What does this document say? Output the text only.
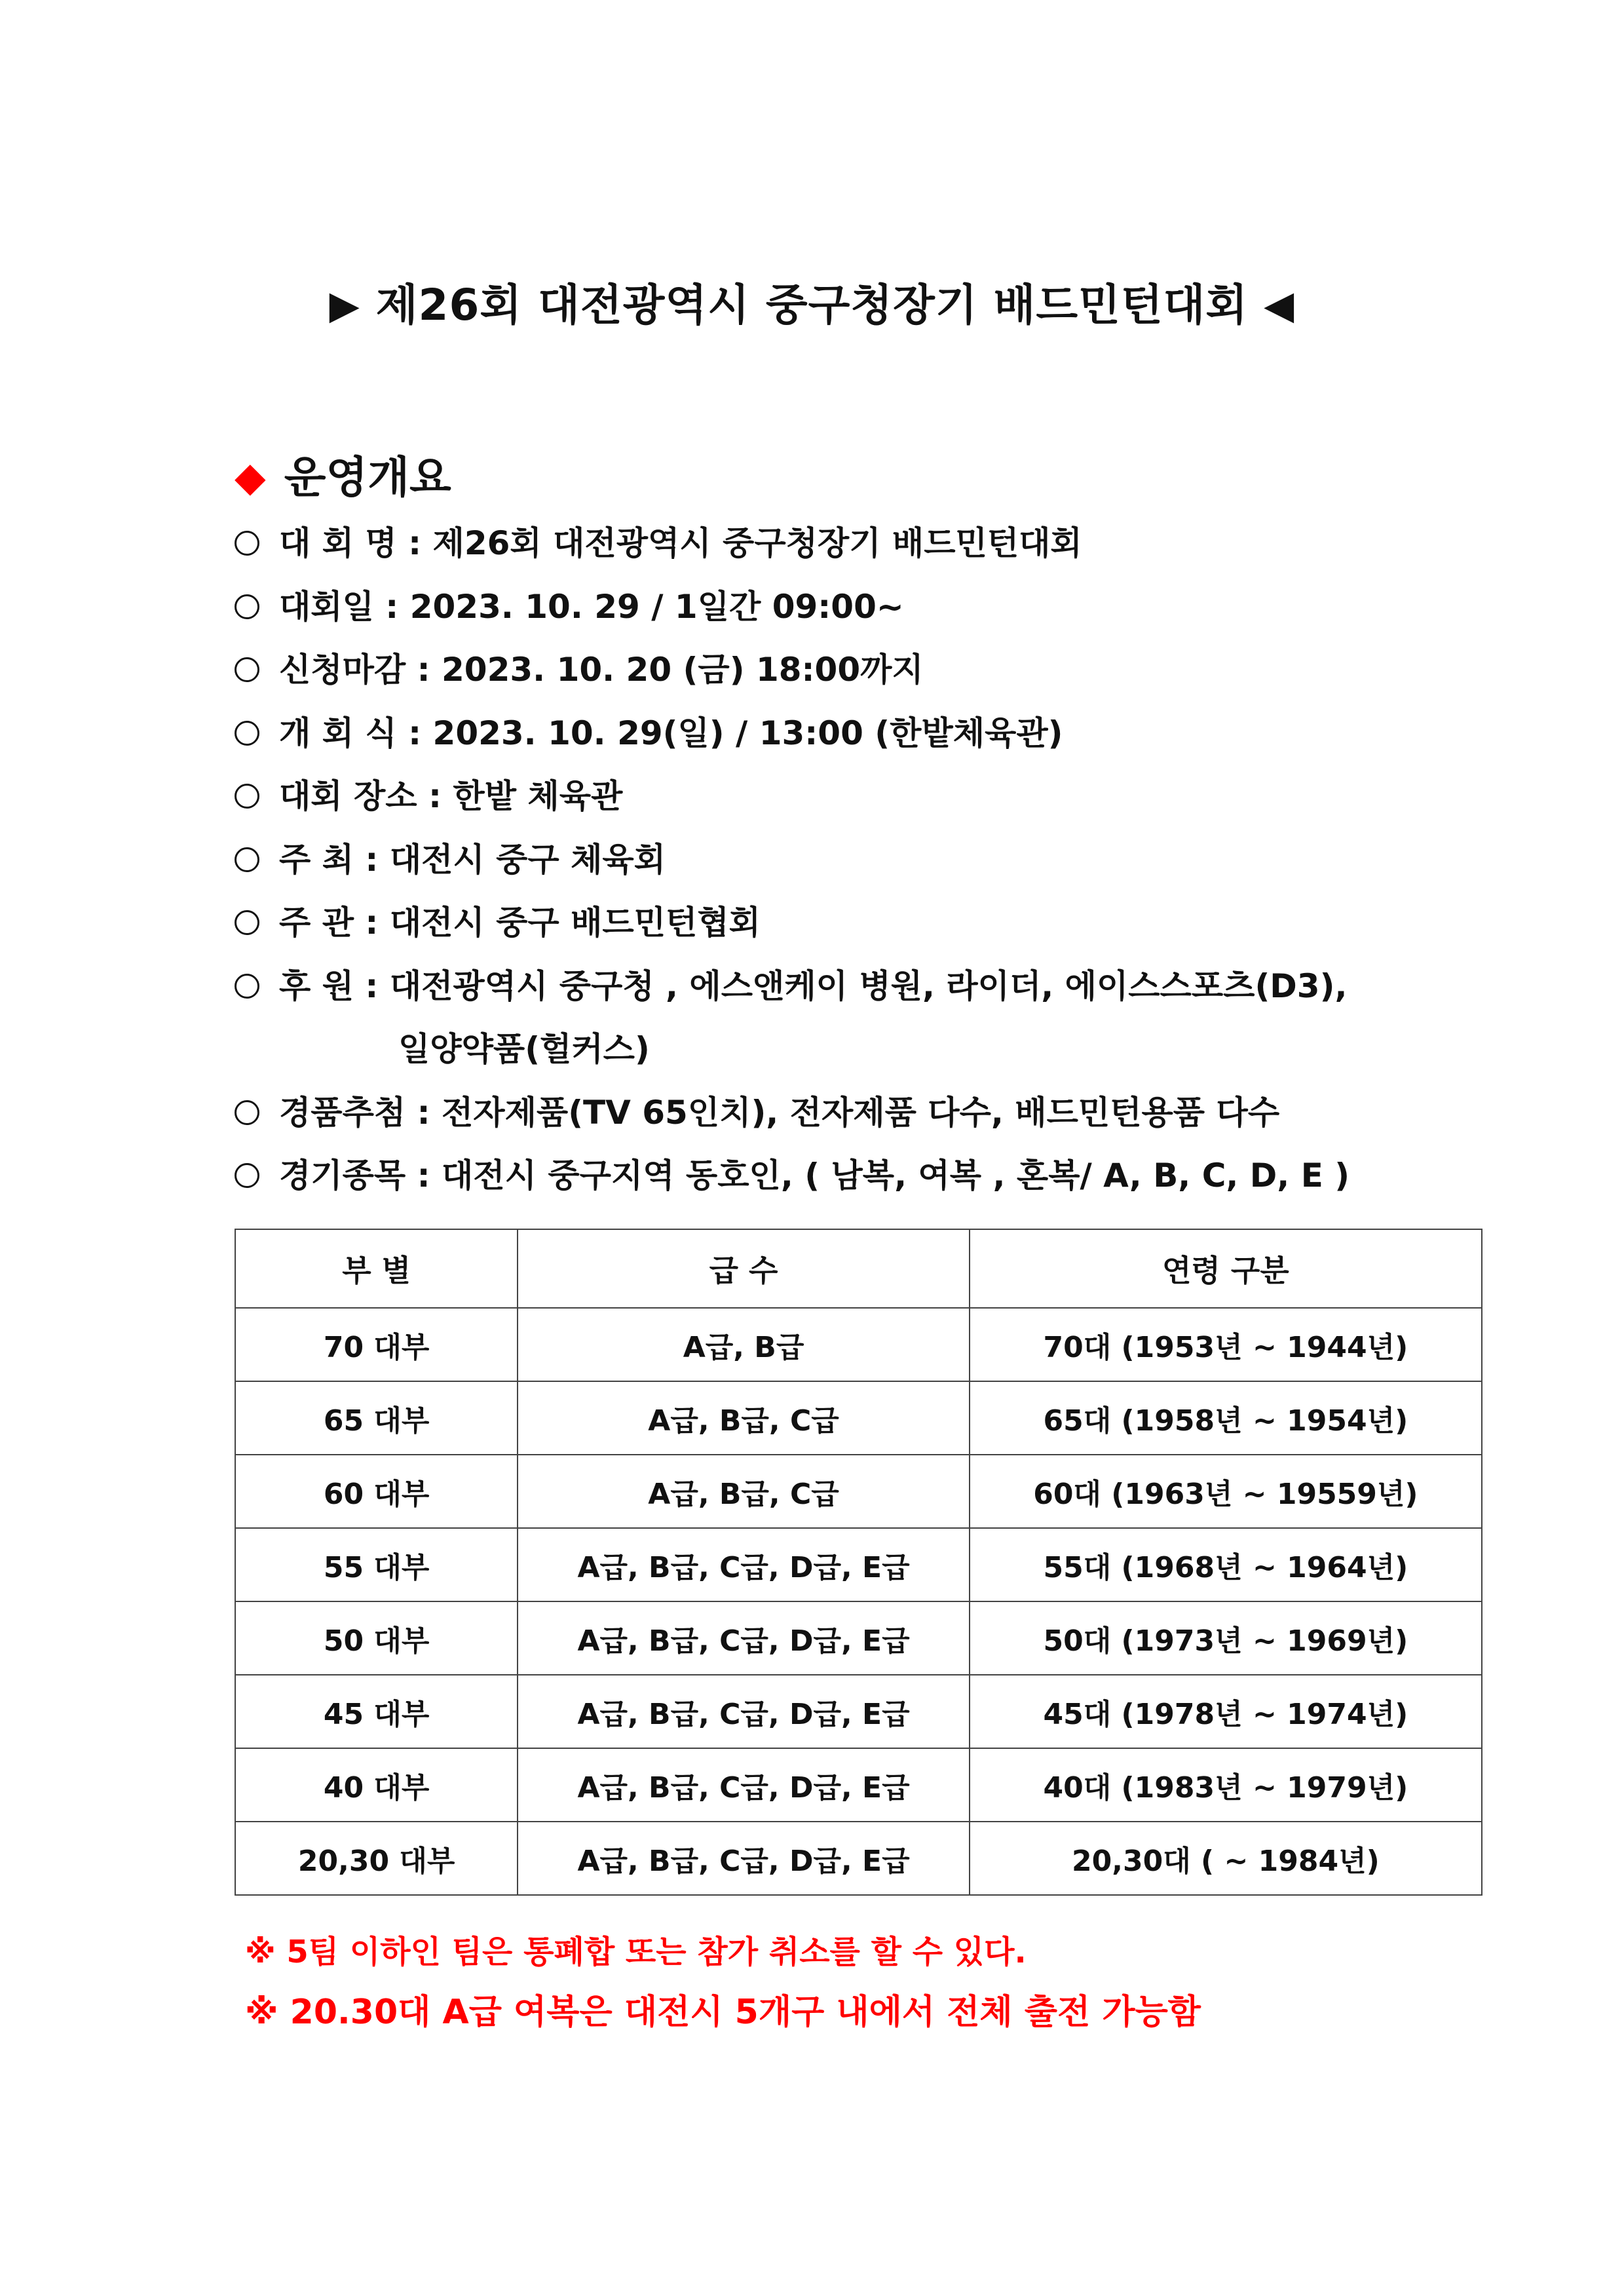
▶ 제26회 대전광역시 중구청장기 배드민턴대회 ◀
◆ 운영개요
대 회 명 : 제26회 대전광역시 중구청장기 배드민턴대회
대회일 : 2023. 10. 29 / 1일간 09:00~
신청마감 : 2023. 10. 20 (금) 18:00까지
개 회 식 : 2023. 10. 29(일) / 13:00 (한밭체육관)
대회 장소 : 한밭 체육관
주 최 : 대전시 중구 체육회
주 관 : 대전시 중구 배드민턴협회
후 원 : 대전광역시 중구청 , 에스앤케이 병원, 라이더, 에이스스포츠(D3),
일양약품(헐커스)
경품추첨 : 전자제품(TV 65인치), 전자제품 다수, 배드민턴용품 다수
경기종목 : 대전시 중구지역 동호인, ( 남복, 여복 , 혼복/ A, B, C, D, E )
부 별	급 수	연령 구분
70 대부	A급, B급	70대 (1953년 ~ 1944년)
65 대부	A급, B급, C급	65대 (1958년 ~ 1954년)
60 대부	A급, B급, C급	60대 (1963년 ~ 19559년)
55 대부	A급, B급, C급, D급, E급	55대 (1968년 ~ 1964년)
50 대부	A급, B급, C급, D급, E급	50대 (1973년 ~ 1969년)
45 대부	A급, B급, C급, D급, E급	45대 (1978년 ~ 1974년)
40 대부	A급, B급, C급, D급, E급	40대 (1983년 ~ 1979년)
20,30 대부	A급, B급, C급, D급, E급	20,30대 ( ~ 1984년)
※ 5팀 이하인 팀은 통폐합 또는 참가 취소를 할 수 있다.
※ 20.30대 A급 여복은 대전시 5개구 내에서 전체 출전 가능함
